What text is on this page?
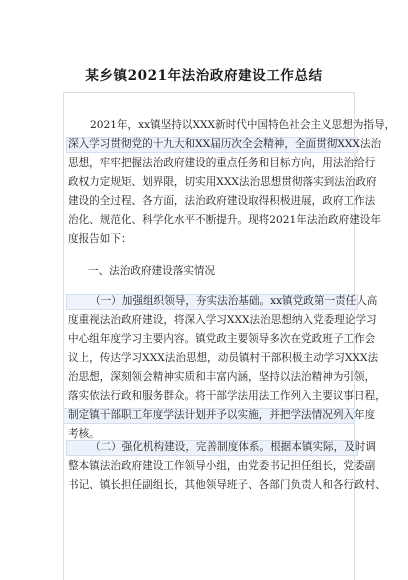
某乡镇2021年法治政府建设工作总结
2021年，xx镇坚持以XXX新时代中国特色社会主义思想为指导，
深入学习贯彻党的十九大和XX届历次全会精神，全面贯彻XXX法治
思想，牢牢把握法治政府建设的重点任务和目标方向，用法治给行
政权力定规矩、划界限，切实用XXX法治思想贯彻落实到法治政府
建设的全过程、各方面，法治政府建设取得积极进展，政府工作法
治化、规范化、科学化水平不断提升。现将2021年法治政府建设年
度报告如下：
一、法治政府建设落实情况
（一）加强组织领导，夯实法治基础。xx镇党政第一责任人高
度重视法治政府建设，将深入学习XXX法治思想纳入党委理论学习
中心组年度学习主要内容。镇党政主要领导多次在党政班子工作会
议上，传达学习XXX法治思想，动员镇村干部积极主动学习XXX法
治思想，深刻领会精神实质和丰富内涵，坚持以法治精神为引领，
落实依法行政和服务群众。将干部学法用法工作列入主要议事日程，
制定镇干部职工年度学法计划并予以实施，并把学法情况列入年度
考核。
（二）强化机构建设，完善制度体系。根据本镇实际，及时调
整本镇法治政府建设工作领导小组，由党委书记担任组长，党委副
书记、镇长担任副组长，其他领导班子、各部门负责人和各行政村、
